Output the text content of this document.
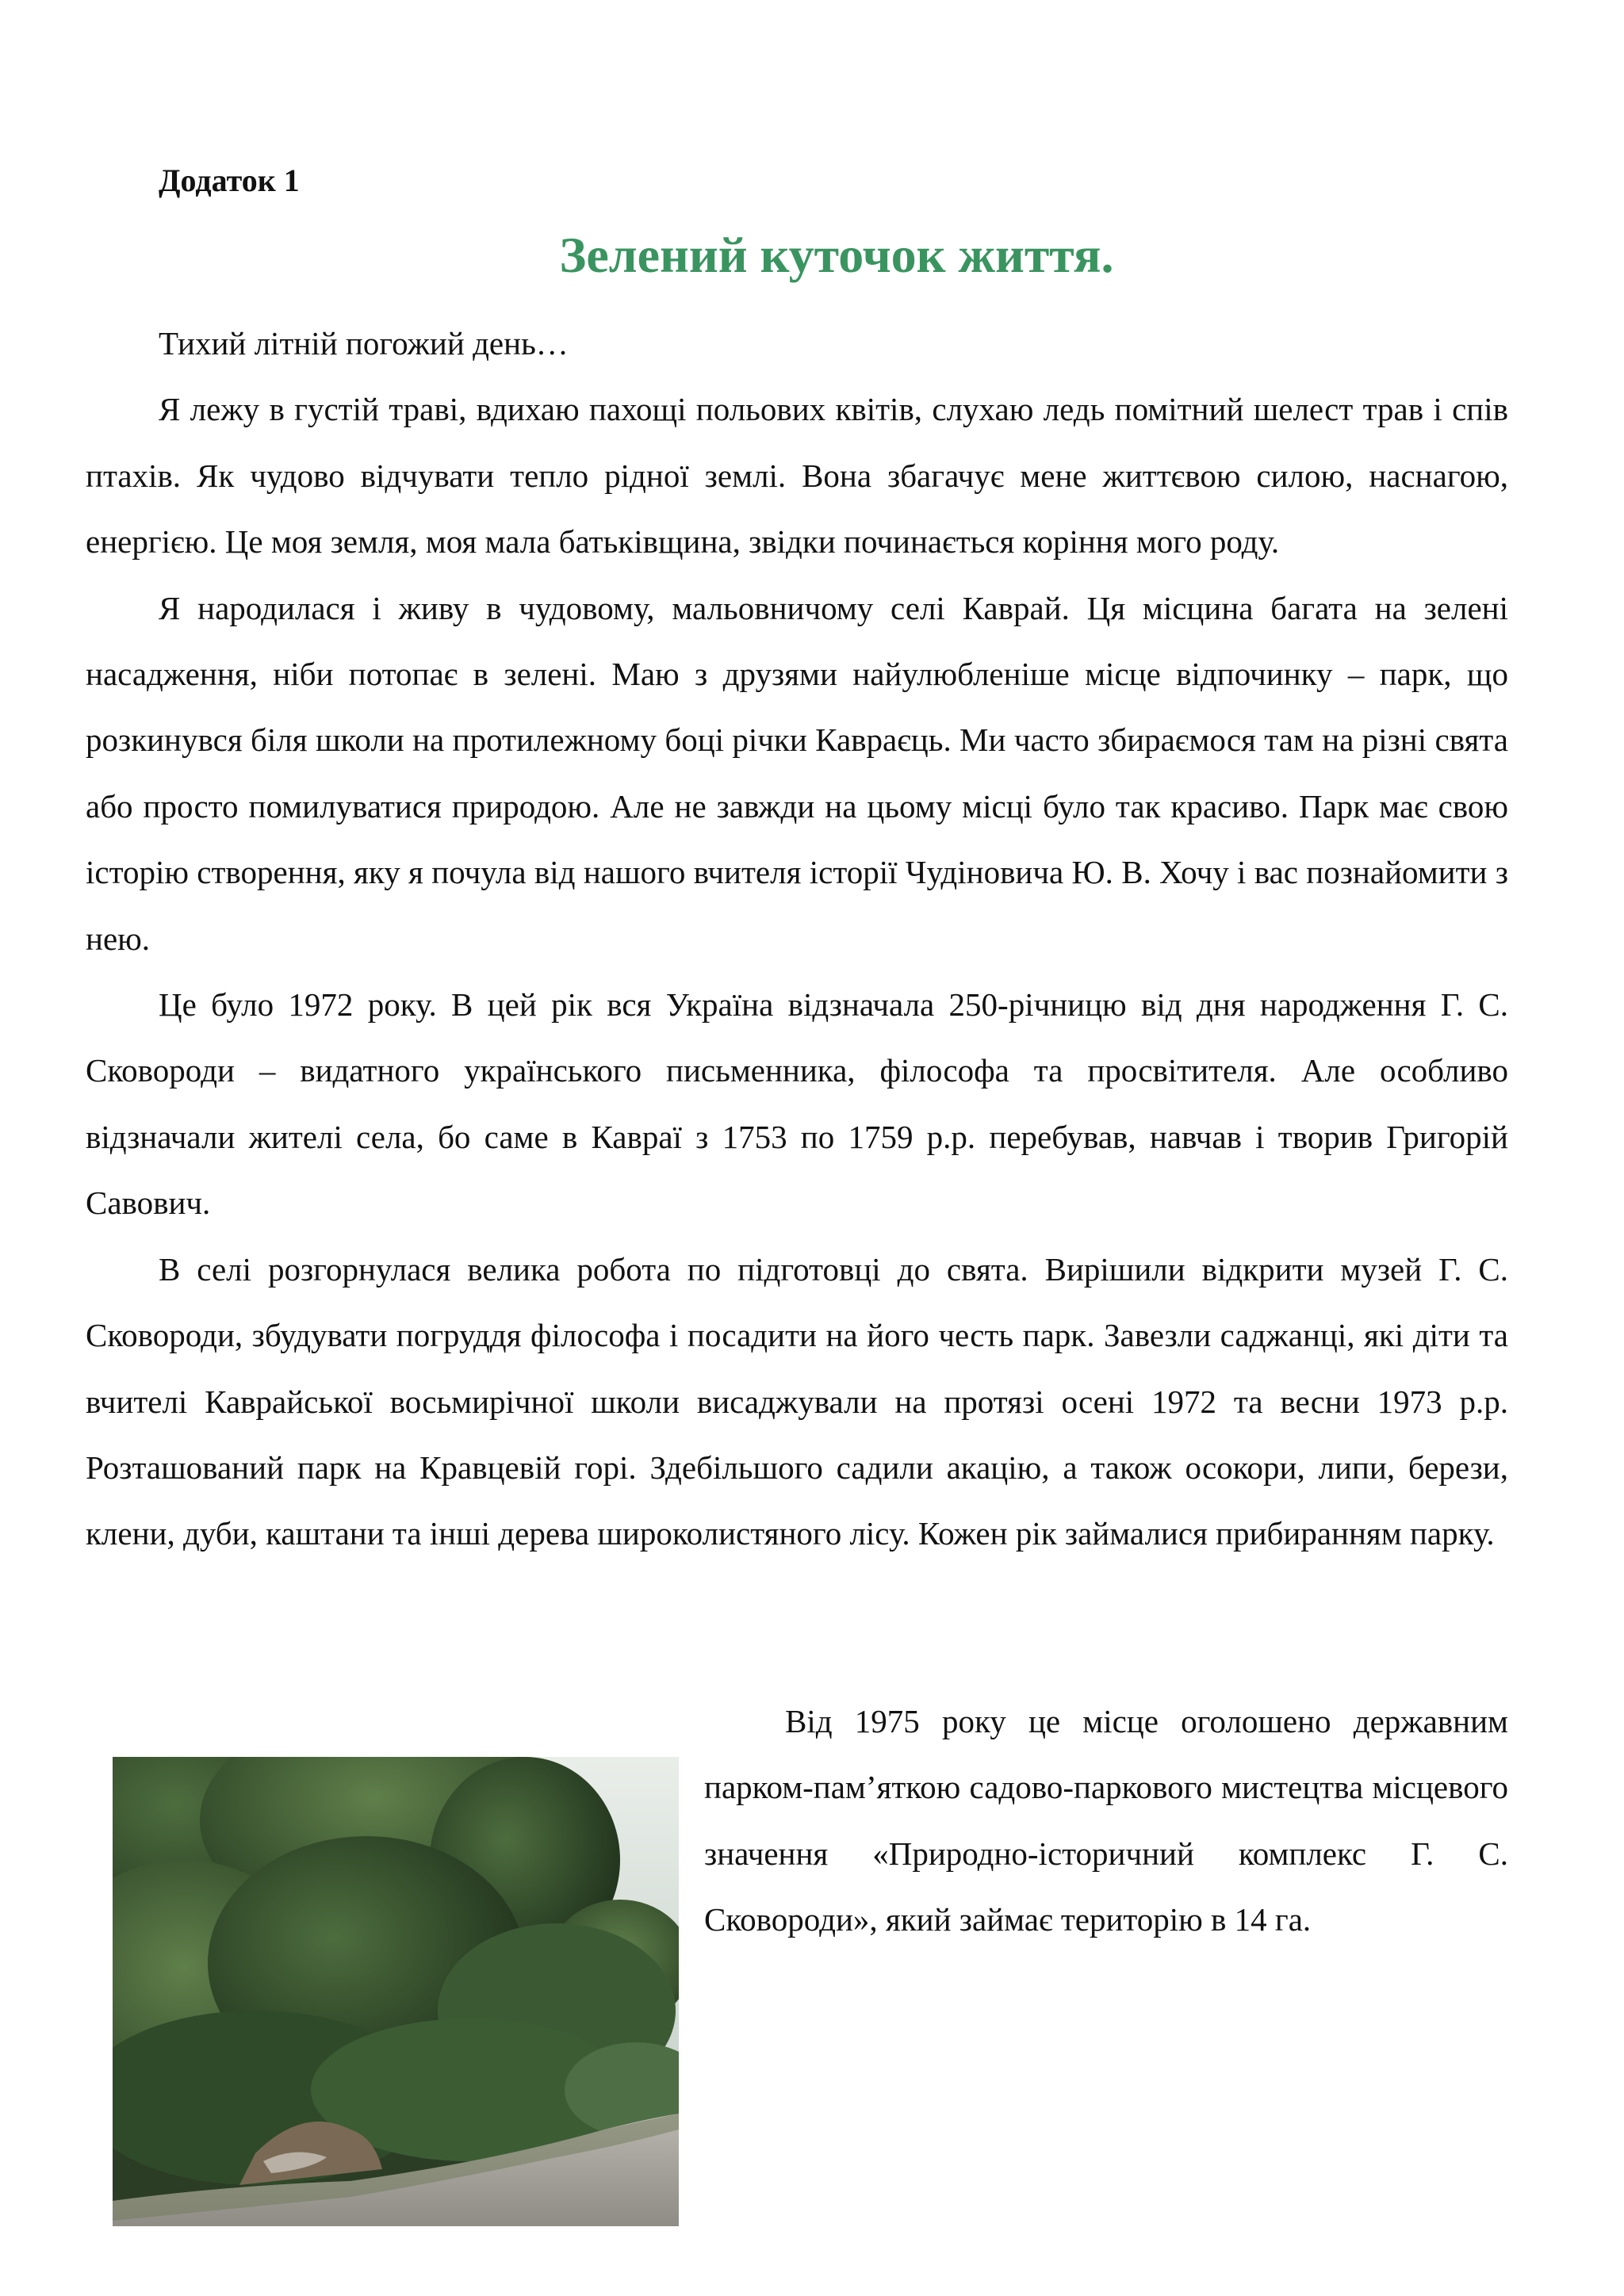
Додаток 1
Зелений куточок життя.

Тихий літній погожий день…

Я лежу в густій траві, вдихаю пахощі польових квітів, слухаю ледь помітний шелест трав і спів птахів. Як чудово відчувати тепло рідної землі. Вона збагачує мене життєвою силою, наснагою, енергією. Це моя земля, моя мала батьківщина, звідки починається коріння мого роду.

Я народилася і живу в чудовому, мальовничому селі Каврай. Ця місцина багата на зелені насадження, ніби потопає в зелені. Маю з друзями найулюбленіше місце відпочинку – парк, що розкинувся біля школи на протилежному боці річки Кавраєць. Ми часто збираємося там на різні свята або просто помилуватися природою. Але не завжди на цьому місці було так красиво. Парк має свою історію створення, яку я почула від нашого вчителя історії Чудіновича Ю. В. Хочу і вас познайомити з нею.

Це було 1972 року. В цей рік вся Україна відзначала 250-річницю від дня народження Г. С. Сковороди – видатного українського письменника, філософа та просвітителя. Але особливо відзначали жителі села, бо саме в Кавраї з 1753 по 1759 р.р. перебував, навчав і творив Григорій Савович.

В селі розгорнулася велика робота по підготовці до свята. Вирішили відкрити музей Г. С. Сковороди, збудувати погруддя філософа і посадити на його честь парк. Завезли саджанці, які діти та вчителі Каврайської восьмирічної школи висаджували на протязі осені 1972 та весни 1973 р.р. Розташований парк на Кравцевій горі. Здебільшого садили акацію, а також осокори, липи, берези, клени, дуби, каштани та інші дерева широколистяного лісу. Кожен рік займалися прибиранням парку.

Від 1975 року це місце оголошено державним парком-пам’яткою садово-паркового мистецтва місцевого значення «Природно-історичний комплекс Г. С. Сковороди», який займає територію в 14 га.
